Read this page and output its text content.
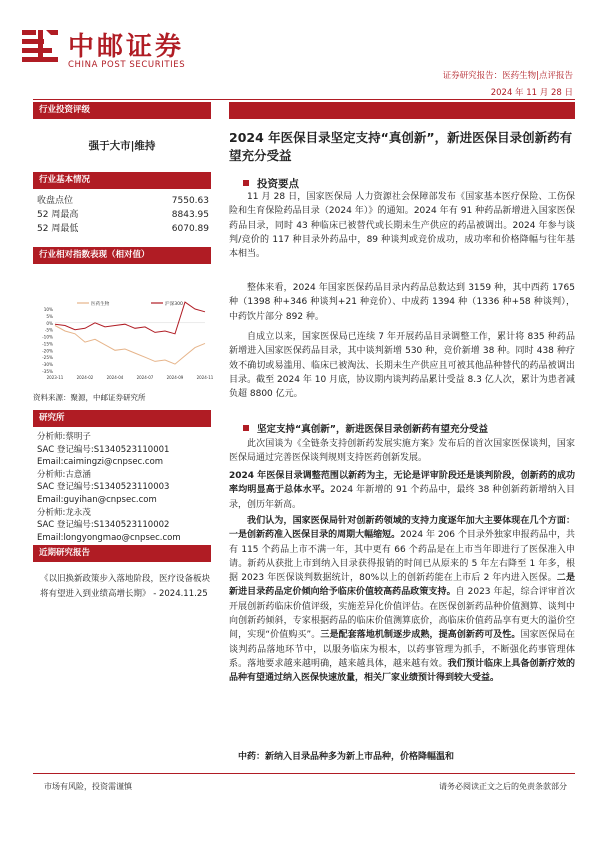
中邮证券
CHINA POST SECURITIES
证券研究报告：医药生物|点评报告
2024 年 11 月 28 日
行业投资评级
强于大市|维持
行业基本情况
收盘点位	7550.63
52 周最高	8843.95
52 周最低	6070.89
行业相对指数表现（相对值）
10%
5%
0%
-5%
-10%
-15%
-20%
-25%
-30%
-35%
2023-11	2024-02	2024-04	2024-07	2024-09	2024-11
医药生物	沪深300
资料来源：聚源，中邮证券研究所
研究所
分析师:蔡明子
SAC 登记编号:S1340523110001
Email:caimingzi@cnpsec.com
分析师:古意涵
SAC 登记编号:S1340523110003
Email:guyihan@cnpsec.com
分析师:龙永茂
SAC 登记编号:S1340523110002
Email:longyongmao@cnpsec.com
近期研究报告
《以旧换新政策步入落地阶段，医疗设备板块将有望进入到业绩高增长期》 - 2024.11.25
2024 年医保目录坚定支持“真创新”，新进医保目录创新药有望充分受益
投资要点

11 月 28 日，国家医保局 人力资源社会保障部发布《国家基本医疗保险、工伤保险和生育保险药品目录（2024 年）》的通知。2024 年有 91 种药品新增进入国家医保药品目录，同时 43 种临床已被替代或长期未生产供应的药品被调出。2024 年参与谈判/竞价的 117 种目录外药品中，89 种谈判或竞价成功，成功率和价格降幅与往年基本相当。

整体来看，2024 年国家医保药品目录内药品总数达到 3159 种，其中西药 1765 种（1398 种+346 种谈判+21 种竞价）、中成药 1394 种（1336 种+58 种谈判），中药饮片部分 892 种。

自成立以来，国家医保局已连续 7 年开展药品目录调整工作，累计将 835 种药品新增进入国家医保药品目录，其中谈判新增 530 种，竞价新增 38 种。同时 438 种疗效不确切或易滥用、临床已被淘汰、长期未生产供应且可被其他品种替代的药品被调出目录。截至 2024 年 10 月底，协议期内谈判药品累计受益 8.3 亿人次，累计为患者减负超 8800 亿元。

坚定支持“真创新”，新进医保目录创新药有望充分受益

此次国谈为《全链条支持创新药发展实施方案》发布后的首次国家医保谈判，国家医保局通过完善医保谈判规则支持医药创新发展。

2024 年医保目录调整范围以新药为主，无论是评审阶段还是谈判阶段，创新药的成功率均明显高于总体水平。2024 年新增的 91 个药品中，最终 38 种创新药新增纳入目录，创历年新高。

我们认为，国家医保局针对创新药领域的支持力度逐年加大主要体现在几个方面：一是创新药准入医保目录的周期大幅缩短。2024 年 206 个目录外独家申报药品中，共有 115 个药品上市不满一年，其中更有 66 个药品是在上市当年即进行了医保准入申请。新药从获批上市到纳入目录获得报销的时间已从原来的 5 年左右降至 1 年多，根据 2023 年医保谈判数据统计，80%以上的创新药能在上市后 2 年内进入医保。二是新进目录药品定价倾向给予临床价值较高药品政策支持。自 2023 年起，综合评审首次开展创新药临床价值评级，实施差异化价值评估。在医保创新药品种价值测算、谈判中向创新药倾斜，专家根据药品的临床价值测算底价，高临床价值药品享有更大的溢价空间，实现“价值购买”。三是配套落地机制逐步成熟，提高创新药可及性。国家医保局在谈判药品落地环节中，以服务临床为根本，以药事管理为抓手，不断强化药事管理体系。落地要求越来越明确，越来越具体，越来越有效。我们预计临床上具备创新疗效的品种有望通过纳入医保快速放量，相关厂家业绩预计得到较大受益。

中药：新纳入目录品种多为新上市品种，价格降幅温和

市场有风险，投资需谨慎	请务必阅读正文之后的免责条款部分
